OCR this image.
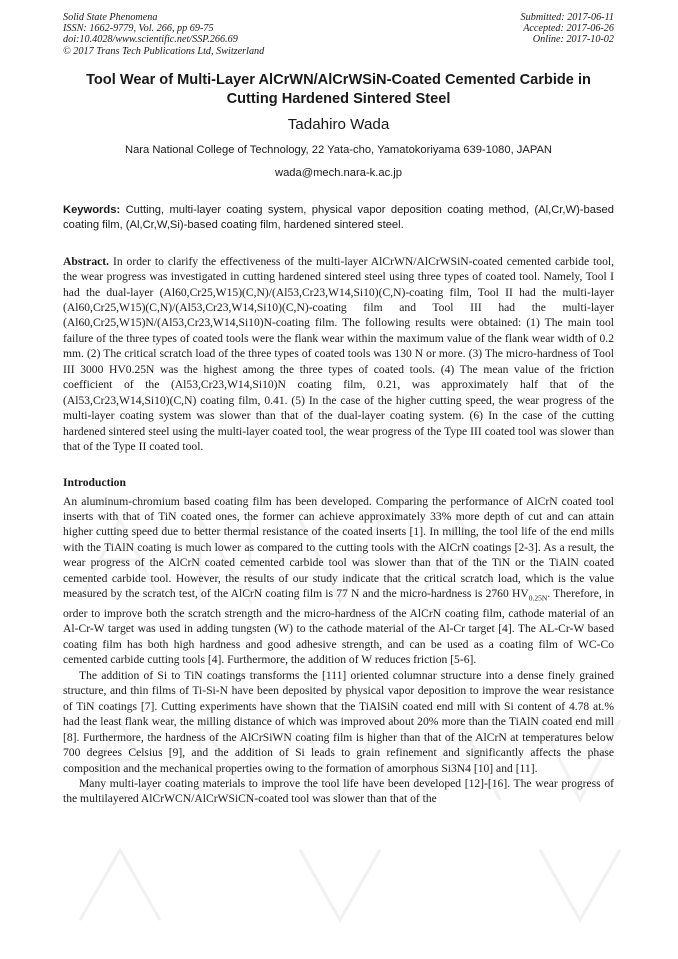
Solid State Phenomena
ISSN: 1662-9779, Vol. 266, pp 69-75
doi:10.4028/www.scientific.net/SSP.266.69
© 2017 Trans Tech Publications Ltd, Switzerland
Submitted: 2017-06-11
Accepted: 2017-06-26
Online: 2017-10-02
Tool Wear of Multi-Layer AlCrWN/AlCrWSiN-Coated Cemented Carbide in Cutting Hardened Sintered Steel
Tadahiro Wada
Nara National College of Technology, 22 Yata-cho, Yamatokoriyama 639-1080, JAPAN
wada@mech.nara-k.ac.jp
Keywords: Cutting, multi-layer coating system, physical vapor deposition coating method, (Al,Cr,W)-based coating film, (Al,Cr,W,Si)-based coating film, hardened sintered steel.
Abstract. In order to clarify the effectiveness of the multi-layer AlCrWN/AlCrWSiN-coated cemented carbide tool, the wear progress was investigated in cutting hardened sintered steel using three types of coated tool. Namely, Tool I had the dual-layer (Al60,Cr25,W15)(C,N)/(Al53,Cr23,W14,Si10)(C,N)-coating film, Tool II had the multi-layer (Al60,Cr25,W15)(C,N)/(Al53,Cr23,W14,Si10)(C,N)-coating film and Tool III had the multi-layer (Al60,Cr25,W15)N/(Al53,Cr23,W14,Si10)N-coating film. The following results were obtained: (1) The main tool failure of the three types of coated tools were the flank wear within the maximum value of the flank wear width of 0.2 mm. (2) The critical scratch load of the three types of coated tools was 130 N or more. (3) The micro-hardness of Tool III 3000 HV0.25N was the highest among the three types of coated tools. (4) The mean value of the friction coefficient of the (Al53,Cr23,W14,Si10)N coating film, 0.21, was approximately half that of the (Al53,Cr23,W14,Si10)(C,N) coating film, 0.41. (5) In the case of the higher cutting speed, the wear progress of the multi-layer coating system was slower than that of the dual-layer coating system. (6) In the case of the cutting hardened sintered steel using the multi-layer coated tool, the wear progress of the Type III coated tool was slower than that of the Type II coated tool.
Introduction

An aluminum-chromium based coating film has been developed. Comparing the performance of AlCrN coated tool inserts with that of TiN coated ones, the former can achieve approximately 33% more depth of cut and can attain higher cutting speed due to better thermal resistance of the coated inserts [1]. In milling, the tool life of the end mills with the TiAlN coating is much lower as compared to the cutting tools with the AlCrN coatings [2-3]. As a result, the wear progress of the AlCrN coated cemented carbide tool was slower than that of the TiN or the TiAlN coated cemented carbide tool. However, the results of our study indicate that the critical scratch load, which is the value measured by the scratch test, of the AlCrN coating film is 77 N and the micro-hardness is 2760 $HV_{0.25N}$. Therefore, in order to improve both the scratch strength and the micro-hardness of the AlCrN coating film, cathode material of an Al-Cr-W target was used in adding tungsten (W) to the cathode material of the Al-Cr target [4]. The AL-Cr-W based coating film has both high hardness and good adhesive strength, and can be used as a coating film of WC-Co cemented carbide cutting tools [4]. Furthermore, the addition of W reduces friction [5-6].

The addition of Si to TiN coatings transforms the [111] oriented columnar structure into a dense finely grained structure, and thin films of Ti-Si-N have been deposited by physical vapor deposition to improve the wear resistance of TiN coatings [7]. Cutting experiments have shown that the TiAlSiN coated end mill with Si content of 4.78 at.% had the least flank wear, the milling distance of which was improved about 20% more than the TiAlN coated end mill [8]. Furthermore, the hardness of the AlCrSiWN coating film is higher than that of the AlCrN at temperatures below 700 degrees Celsius [9], and the addition of Si leads to grain refinement and significantly affects the phase composition and the mechanical properties owing to the formation of amorphous Si3N4 [10] and [11].

Many multi-layer coating materials to improve the tool life have been developed [12]-[16]. The wear progress of the multilayered AlCrWCN/AlCrWSiCN-coated tool was slower than that of the
